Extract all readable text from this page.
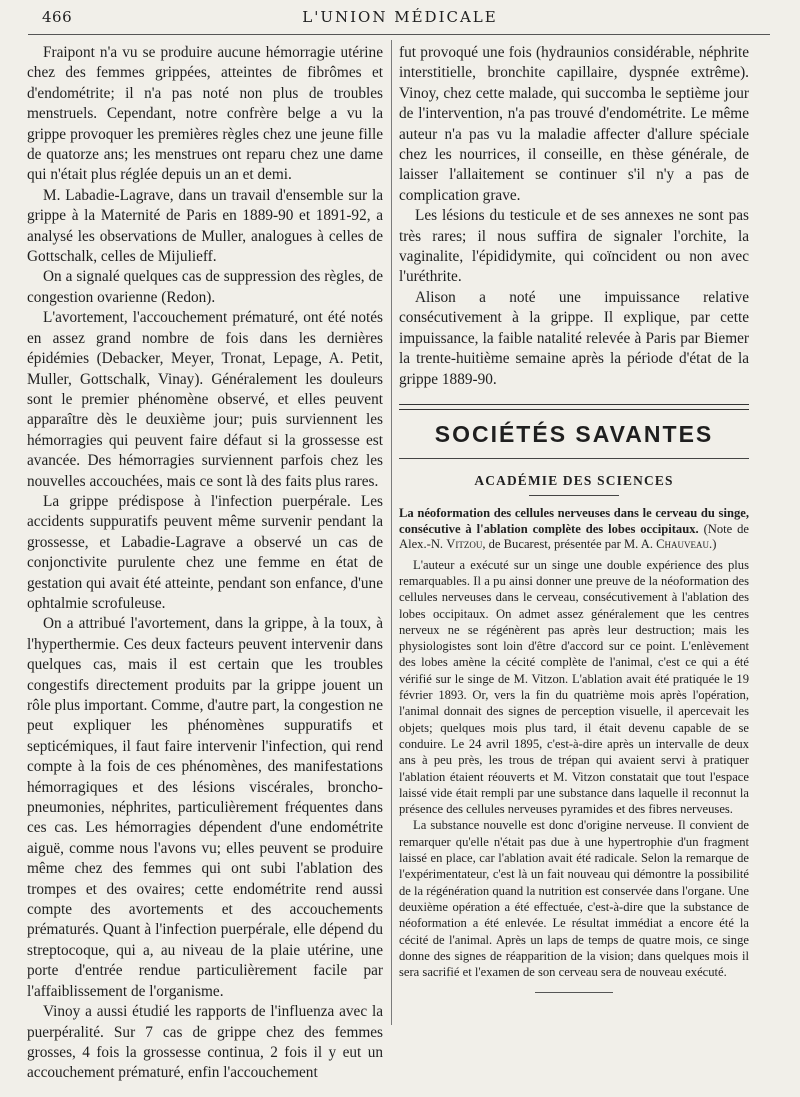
466	L'UNION MÉDICALE

Fraipont n'a vu se produire aucune hémorragie utérine chez des femmes grippées, atteintes de fibrômes et d'endométrite; il n'a pas noté non plus de troubles menstruels. Cependant, notre confrère belge a vu la grippe provoquer les premières règles chez une jeune fille de quatorze ans; les menstrues ont reparu chez une dame qui n'était plus réglée depuis un an et demi.

M. Labadie-Lagrave, dans un travail d'ensemble sur la grippe à la Maternité de Paris en 1889-90 et 1891-92, a analysé les observations de Muller, analogues à celles de Gottschalk, celles de Mijulieff.

On a signalé quelques cas de suppression des règles, de congestion ovarienne (Redon).

L'avortement, l'accouchement prématuré, ont été notés en assez grand nombre de fois dans les dernières épidémies (Debacker, Meyer, Tronat, Lepage, A. Petit, Muller, Gottschalk, Vinay). Généralement les douleurs sont le premier phénomène observé, et elles peuvent apparaître dès le deuxième jour; puis surviennent les hémorragies qui peuvent faire défaut si la grossesse est avancée. Des hémorragies surviennent parfois chez les nouvelles accouchées, mais ce sont là des faits plus rares.

La grippe prédispose à l'infection puerpérale. Les accidents suppuratifs peuvent même survenir pendant la grossesse, et Labadie-Lagrave a observé un cas de conjonctivite purulente chez une femme en état de gestation qui avait été atteinte, pendant son enfance, d'une ophtalmie scrofuleuse.

On a attribué l'avortement, dans la grippe, à la toux, à l'hyperthermie. Ces deux facteurs peuvent intervenir dans quelques cas, mais il est certain que les troubles congestifs directement produits par la grippe jouent un rôle plus important. Comme, d'autre part, la congestion ne peut expliquer les phénomènes suppuratifs et septicémiques, il faut faire intervenir l'infection, qui rend compte à la fois de ces phénomènes, des manifestations hémorragiques et des lésions viscérales, broncho-pneumonies, néphrites, particulièrement fréquentes dans ces cas. Les hémorragies dépendent d'une endométrite aiguë, comme nous l'avons vu; elles peuvent se produire même chez des femmes qui ont subi l'ablation des trompes et des ovaires; cette endométrite rend aussi compte des avortements et des accouchements prématurés. Quant à l'infection puerpérale, elle dépend du streptocoque, qui a, au niveau de la plaie utérine, une porte d'entrée rendue particulièrement facile par l'affaiblissement de l'organisme.

Vinoy a aussi étudié les rapports de l'influenza avec la puerpéralité. Sur 7 cas de grippe chez des femmes grosses, 4 fois la grossesse continua, 2 fois il y eut un accouchement prématuré, enfin l'accouchement

fut provoqué une fois (hydraunios considérable, néphrite interstitielle, bronchite capillaire, dyspnée extrême). Vinoy, chez cette malade, qui succomba le septième jour de l'intervention, n'a pas trouvé d'endométrite. Le même auteur n'a pas vu la maladie affecter d'allure spéciale chez les nourrices, il conseille, en thèse générale, de laisser l'allaitement se continuer s'il n'y a pas de complication grave.

Les lésions du testicule et de ses annexes ne sont pas très rares; il nous suffira de signaler l'orchite, la vaginalite, l'épididymite, qui coïncident ou non avec l'uréthrite.

Alison a noté une impuissance relative consécutivement à la grippe. Il explique, par cette impuissance, la faible natalité relevée à Paris par Biemer la trente-huitième semaine après la période d'état de la grippe 1889-90.

SOCIÉTÉS SAVANTES
ACADÉMIE DES SCIENCES

La néoformation des cellules nerveuses dans le cerveau du singe, consécutive à l'ablation complète des lobes occipitaux. (Note de Alex.-N. Vitzou, de Bucarest, présentée par M. A. Chauveau.)

L'auteur a exécuté sur un singe une double expérience des plus remarquables. Il a pu ainsi donner une preuve de la néoformation des cellules nerveuses dans le cerveau, consécutivement à l'ablation des lobes occipitaux. On admet assez généralement que les centres nerveux ne se régénèrent pas après leur destruction; mais les physiologistes sont loin d'être d'accord sur ce point. L'enlèvement des lobes amène la cécité complète de l'animal, c'est ce qui a été vérifié sur le singe de M. Vitzon. L'ablation avait été pratiquée le 19 février 1893. Or, vers la fin du quatrième mois après l'opération, l'animal donnait des signes de perception visuelle, il apercevait les objets; quelques mois plus tard, il était devenu capable de se conduire. Le 24 avril 1895, c'est-à-dire après un intervalle de deux ans à peu près, les trous de trépan qui avaient servi à pratiquer l'ablation étaient réouverts et M. Vitzon constatait que tout l'espace laissé vide était rempli par une substance dans laquelle il reconnut la présence des cellules nerveuses pyramides et des fibres nerveuses.

La substance nouvelle est donc d'origine nerveuse. Il convient de remarquer qu'elle n'était pas due à une hypertrophie d'un fragment laissé en place, car l'ablation avait été radicale. Selon la remarque de l'expérimentateur, c'est là un fait nouveau qui démontre la possibilité de la régénération quand la nutrition est conservée dans l'organe. Une deuxième opération a été effectuée, c'est-à-dire que la substance de néoformation a été enlevée. Le résultat immédiat a encore été la cécité de l'animal. Après un laps de temps de quatre mois, ce singe donne des signes de réapparition de la vision; dans quelques mois il sera sacrifié et l'examen de son cerveau sera de nouveau exécuté.
